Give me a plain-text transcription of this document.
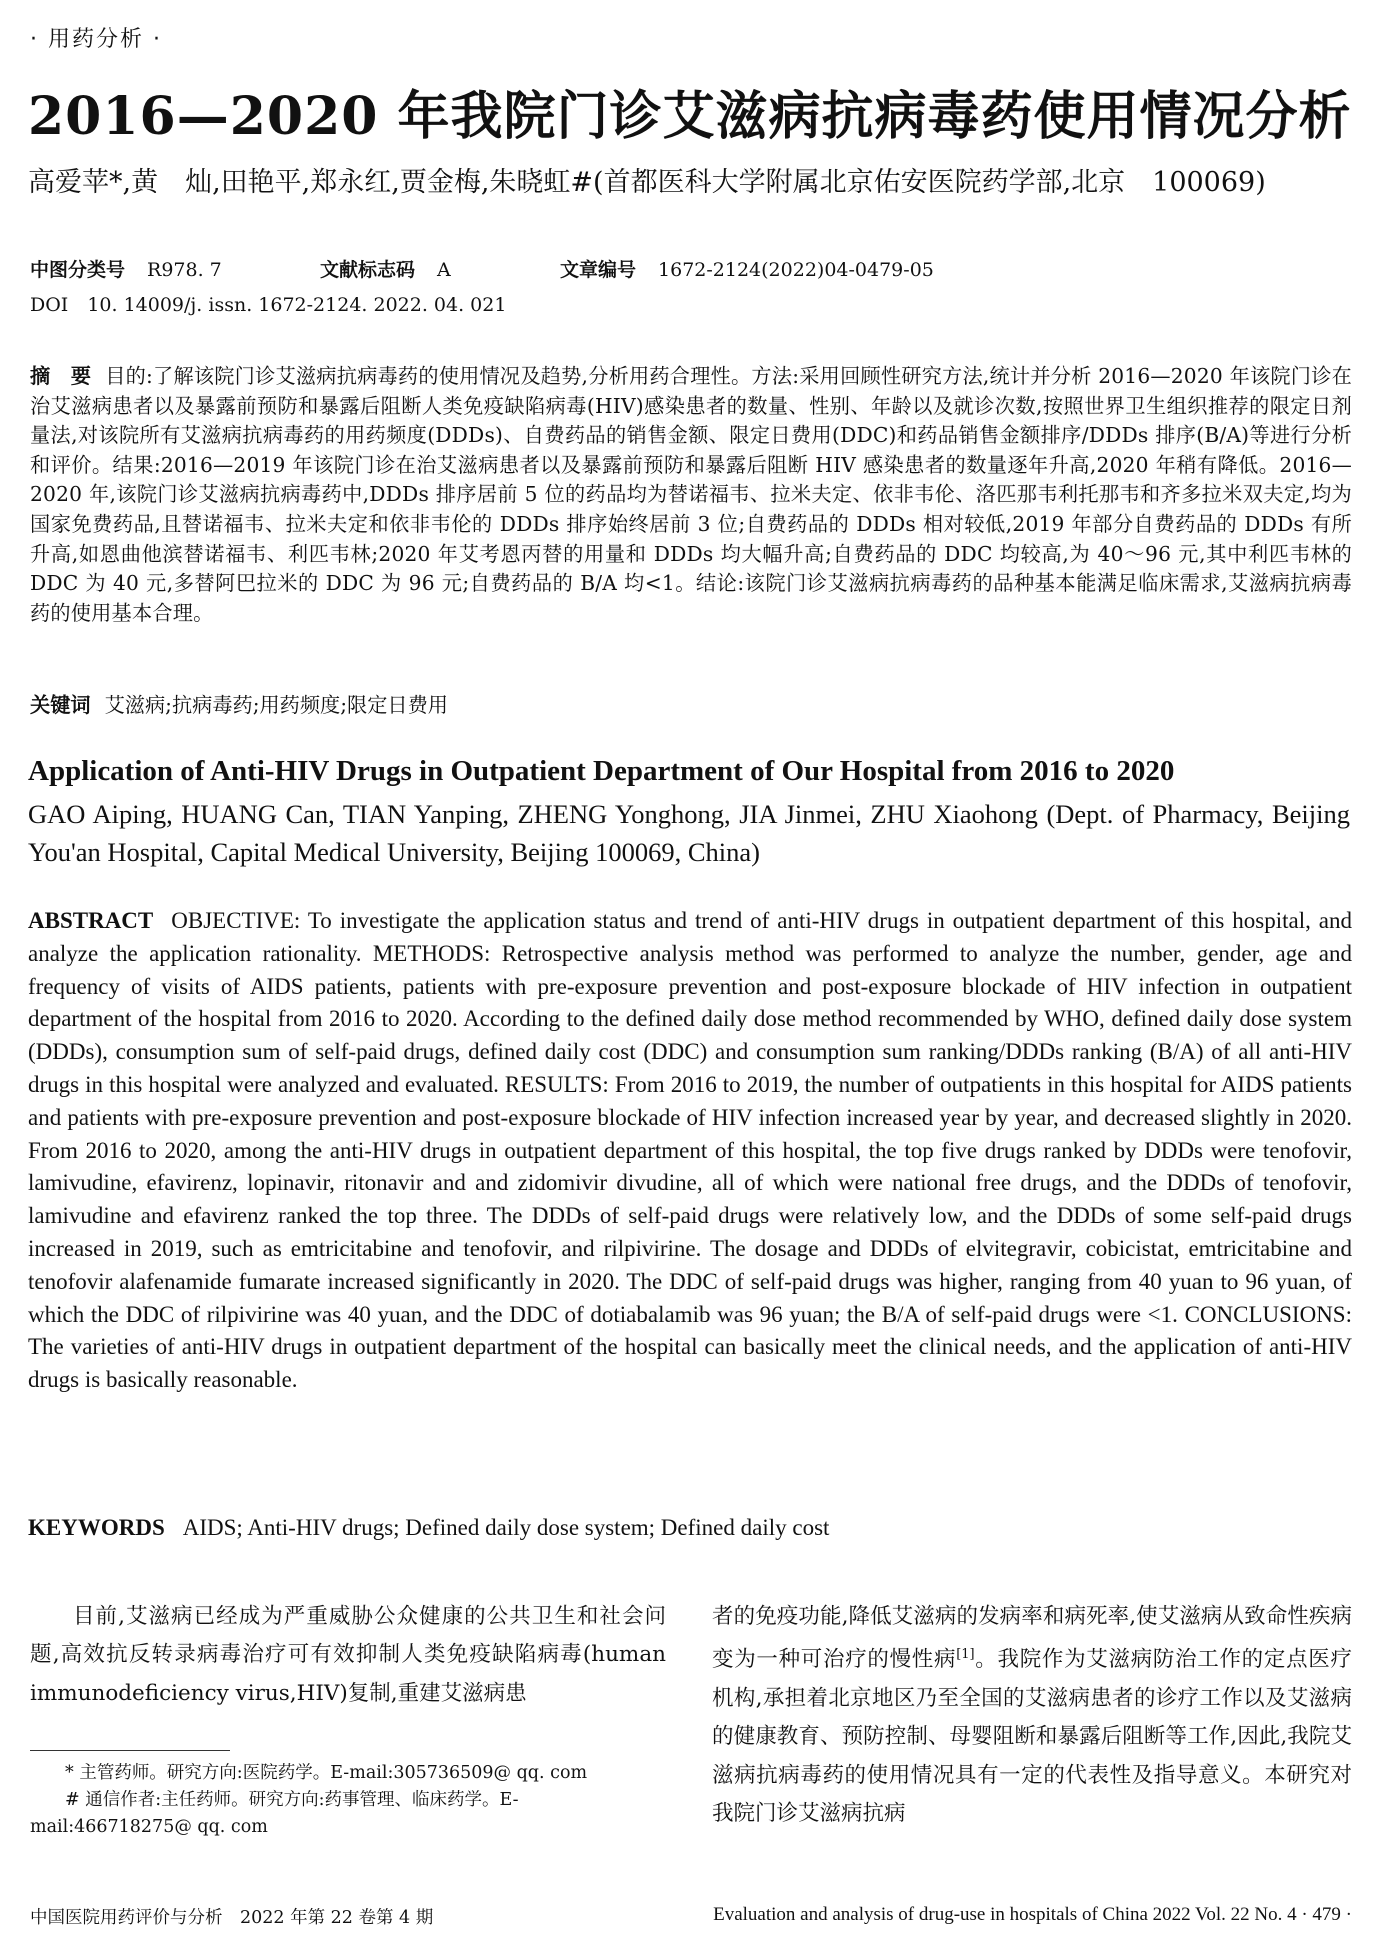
· 用药分析 ·
2016—2020 年我院门诊艾滋病抗病毒药使用情况分析
高爱苹*,黄　灿,田艳平,郑永红,贾金梅,朱晓虹#(首都医科大学附属北京佑安医院药学部,北京　100069)
中图分类号 R978. 7	文献标志码 A	文章编号 1672-2124(2022)04-0479-05
DOI　10. 14009/j. issn. 1672-2124. 2022. 04. 021
摘　要 目的:了解该院门诊艾滋病抗病毒药的使用情况及趋势,分析用药合理性。方法:采用回顾性研究方法,统计并分析 2016—2020 年该院门诊在治艾滋病患者以及暴露前预防和暴露后阻断人类免疫缺陷病毒(HIV)感染患者的数量、性别、年龄以及就诊次数,按照世界卫生组织推荐的限定日剂量法,对该院所有艾滋病抗病毒药的用药频度(DDDs)、自费药品的销售金额、限定日费用(DDC)和药品销售金额排序/DDDs 排序(B/A)等进行分析和评价。结果:2016—2019 年该院门诊在治艾滋病患者以及暴露前预防和暴露后阻断 HIV 感染患者的数量逐年升高,2020 年稍有降低。2016—2020 年,该院门诊艾滋病抗病毒药中,DDDs 排序居前 5 位的药品均为替诺福韦、拉米夫定、依非韦伦、洛匹那韦利托那韦和齐多拉米双夫定,均为国家免费药品,且替诺福韦、拉米夫定和依非韦伦的 DDDs 排序始终居前 3 位;自费药品的 DDDs 相对较低,2019 年部分自费药品的 DDDs 有所升高,如恩曲他滨替诺福韦、利匹韦林;2020 年艾考恩丙替的用量和 DDDs 均大幅升高;自费药品的 DDC 均较高,为 40～96 元,其中利匹韦林的 DDC 为 40 元,多替阿巴拉米的 DDC 为 96 元;自费药品的 B/A 均<1。结论:该院门诊艾滋病抗病毒药的品种基本能满足临床需求,艾滋病抗病毒药的使用基本合理。
关键词 艾滋病;抗病毒药;用药频度;限定日费用
Application of Anti-HIV Drugs in Outpatient Department of Our Hospital from 2016 to 2020
GAO Aiping, HUANG Can, TIAN Yanping, ZHENG Yonghong, JIA Jinmei, ZHU Xiaohong (Dept. of Pharmacy, Beijing You'an Hospital, Capital Medical University, Beijing 100069, China)
ABSTRACT OBJECTIVE: To investigate the application status and trend of anti-HIV drugs in outpatient department of this hospital, and analyze the application rationality. METHODS: Retrospective analysis method was performed to analyze the number, gender, age and frequency of visits of AIDS patients, patients with pre-exposure prevention and post-exposure blockade of HIV infection in outpatient department of the hospital from 2016 to 2020. According to the defined daily dose method recommended by WHO, defined daily dose system (DDDs), consumption sum of self-paid drugs, defined daily cost (DDC) and consumption sum ranking/DDDs ranking (B/A) of all anti-HIV drugs in this hospital were analyzed and evaluated. RESULTS: From 2016 to 2019, the number of outpatients in this hospital for AIDS patients and patients with pre-exposure prevention and post-exposure blockade of HIV infection increased year by year, and decreased slightly in 2020. From 2016 to 2020, among the anti-HIV drugs in outpatient department of this hospital, the top five drugs ranked by DDDs were tenofovir, lamivudine, efavirenz, lopinavir, ritonavir and and zidomivir divudine, all of which were national free drugs, and the DDDs of tenofovir, lamivudine and efavirenz ranked the top three. The DDDs of self-paid drugs were relatively low, and the DDDs of some self-paid drugs increased in 2019, such as emtricitabine and tenofovir, and rilpivirine. The dosage and DDDs of elvitegravir, cobicistat, emtricitabine and tenofovir alafenamide fumarate increased significantly in 2020. The DDC of self-paid drugs was higher, ranging from 40 yuan to 96 yuan, of which the DDC of rilpivirine was 40 yuan, and the DDC of dotiabalamib was 96 yuan; the B/A of self-paid drugs were <1. CONCLUSIONS: The varieties of anti-HIV drugs in outpatient department of the hospital can basically meet the clinical needs, and the application of anti-HIV drugs is basically reasonable.
KEYWORDS AIDS; Anti-HIV drugs; Defined daily dose system; Defined daily cost
目前,艾滋病已经成为严重威胁公众健康的公共卫生和社会问题,高效抗反转录病毒治疗可有效抑制人类免疫缺陷病毒(human immunodeficiency virus,HIV)复制,重建艾滋病患
者的免疫功能,降低艾滋病的发病率和病死率,使艾滋病从致命性疾病变为一种可治疗的慢性病[1]。我院作为艾滋病防治工作的定点医疗机构,承担着北京地区乃至全国的艾滋病患者的诊疗工作以及艾滋病的健康教育、预防控制、母婴阻断和暴露后阻断等工作,因此,我院艾滋病抗病毒药的使用情况具有一定的代表性及指导意义。本研究对我院门诊艾滋病抗病
* 主管药师。研究方向:医院药学。E-mail:305736509@ qq. com
# 通信作者:主任药师。研究方向:药事管理、临床药学。E-mail:466718275@ qq. com
中国医院用药评价与分析　2022 年第 22 卷第 4 期	Evaluation and analysis of drug-use in hospitals of China 2022 Vol. 22 No. 4 · 479 ·
